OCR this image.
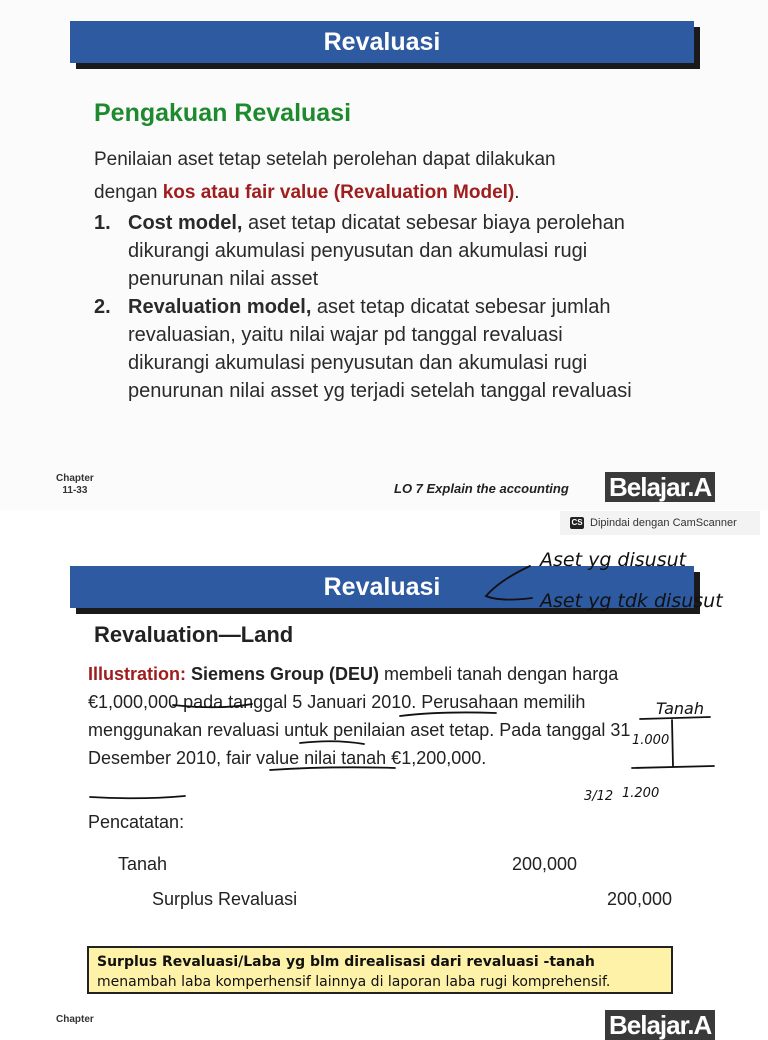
Revaluasi
Pengakuan Revaluasi
Penilaian aset tetap setelah perolehan dapat dilakukan
dengan kos atau fair value (Revaluation Model).
1. Cost model, aset tetap dicatat sebesar biaya perolehan dikurangi akumulasi penyusutan dan akumulasi rugi penurunan nilai asset
2. Revaluation model, aset tetap dicatat sebesar jumlah revaluasian, yaitu nilai wajar pd tanggal revaluasi dikurangi akumulasi penyusutan dan akumulasi rugi penurunan nilai asset yg terjadi setelah tanggal revaluasi
Chapter
11-33	LO 7 Explain the accounting Belajar.A
CS Dipindai dengan CamScanner
Revaluasi
Revaluation—Land
Illustration: Siemens Group (DEU) membeli tanah dengan harga €1,000,000 pada tanggal 5 Januari 2010. Perusahaan memilih menggunakan revaluasi untuk penilaian aset tetap. Pada tanggal 31 Desember 2010, fair value nilai tanah €1,200,000.
Pencatatan:
Tanah	200,000
Surplus Revaluasi	200,000
Surplus Revaluasi/Laba yg blm direalisasi dari revaluasi -tanah
menambah laba komperhensif lainnya di laporan laba rugi komprehensif.
Chapter	Belajar.A
Aset yg disusut
Aset yg tdk disusut
Tanah
1.000
3/12 1.200
